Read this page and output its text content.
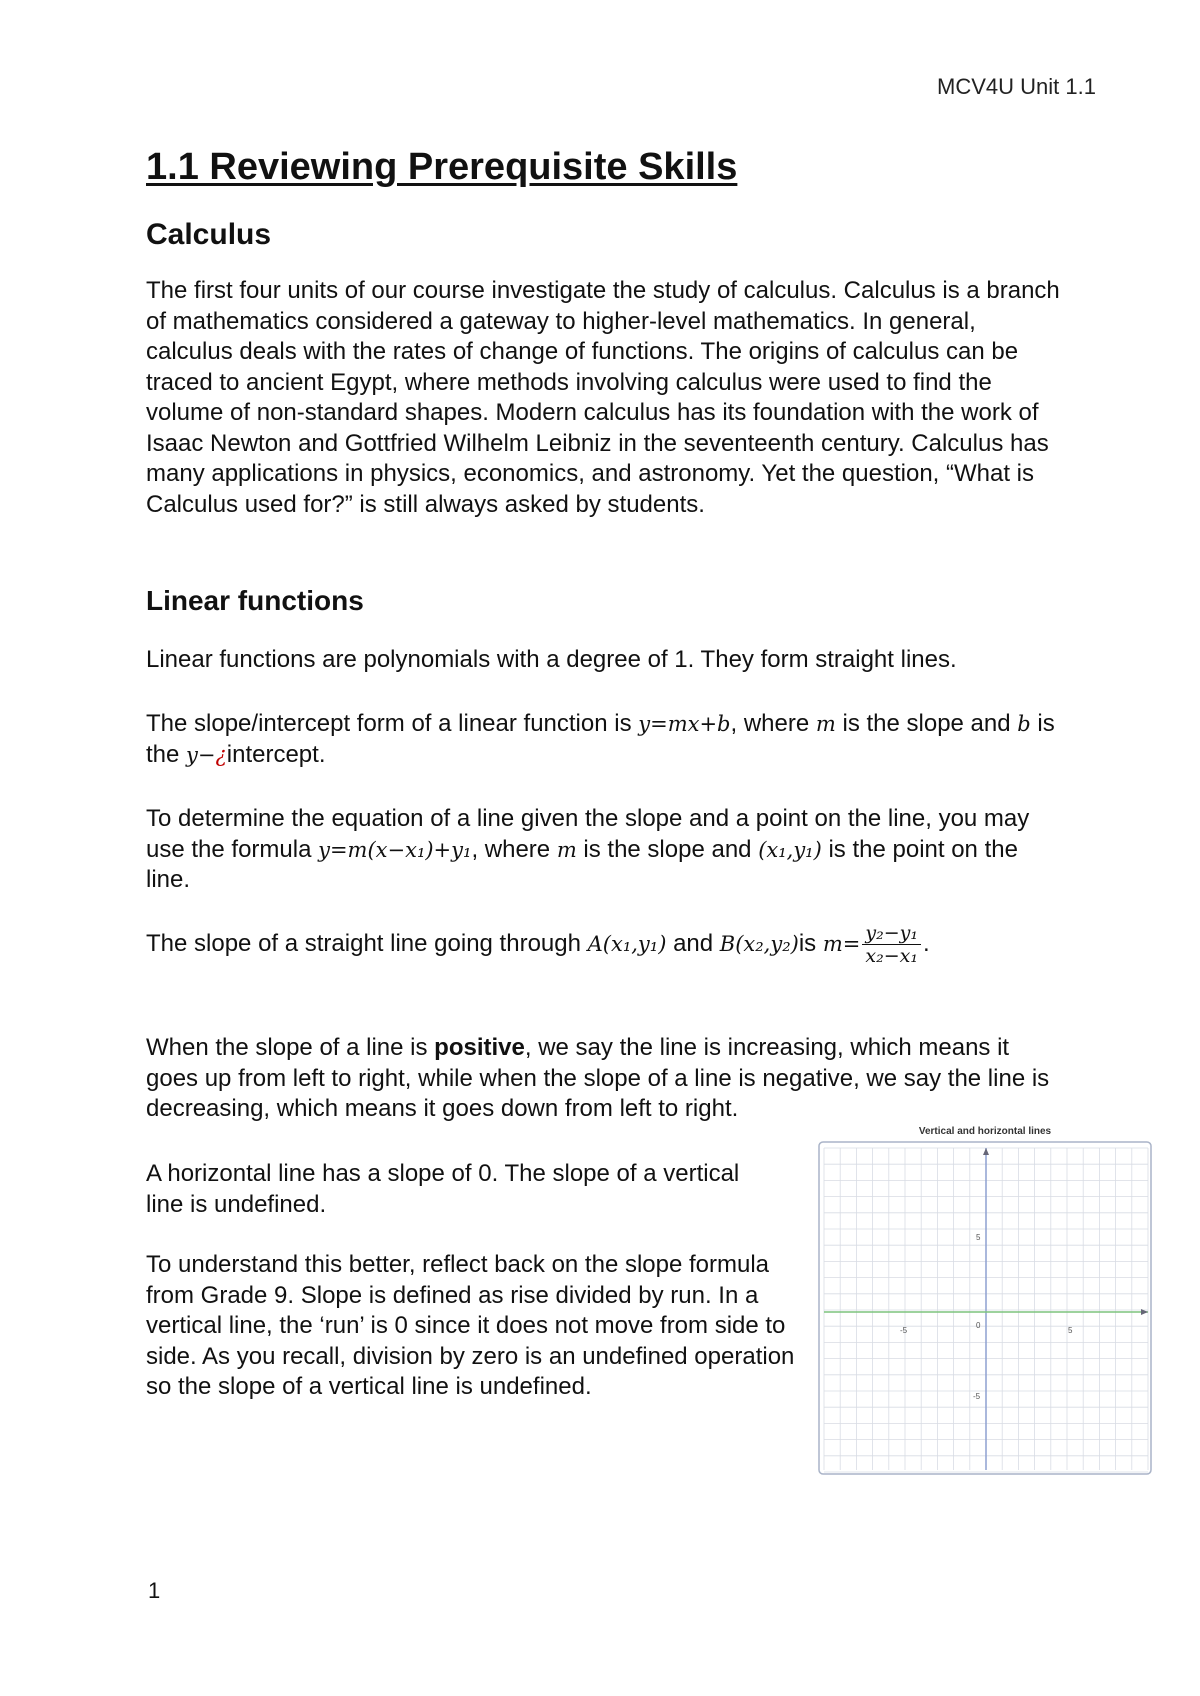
MCV4U Unit 1.1
1.1 Reviewing Prerequisite Skills
Calculus

The first four units of our course investigate the study of calculus. Calculus is a branch of mathematics considered a gateway to higher-level mathematics. In general, calculus deals with the rates of change of functions. The origins of calculus can be traced to ancient Egypt, where methods involving calculus were used to find the volume of non-standard shapes. Modern calculus has its foundation with the work of Isaac Newton and Gottfried Wilhelm Leibniz in the seventeenth century. Calculus has many applications in physics, economics, and astronomy. Yet the question, “What is Calculus used for?” is still always asked by students.

Linear functions

Linear functions are polynomials with a degree of 1. They form straight lines.

The slope/intercept form of a linear function is y=mx+b, where m is the slope and b is the y−¿intercept.

To determine the equation of a line given the slope and a point on the line, you may use the formula y=m(x−x₁)+y₁, where m is the slope and (x₁,y₁) is the point on the line.

The slope of a straight line going through A(x₁,y₁) and B(x₂,y₂)is $m= \frac{\text{y₂−y₁}}{\text{x₂−x₁}}$ .

When the slope of a line is positive, we say the line is increasing, which means it goes up from left to right, while when the slope of a line is negative, we say the line is decreasing, which means it goes down from left to right.

A horizontal line has a slope of 0. The slope of a vertical line is undefined.

To understand this better, reflect back on the slope formula from Grade 9. Slope is defined as rise divided by run. In a vertical line, the ‘run’ is 0 since it does not move from side to side. As you recall, division by zero is an undefined operation so the slope of a vertical line is undefined.

Vertical and horizontal lines
-5	5
5
-5
0
1
